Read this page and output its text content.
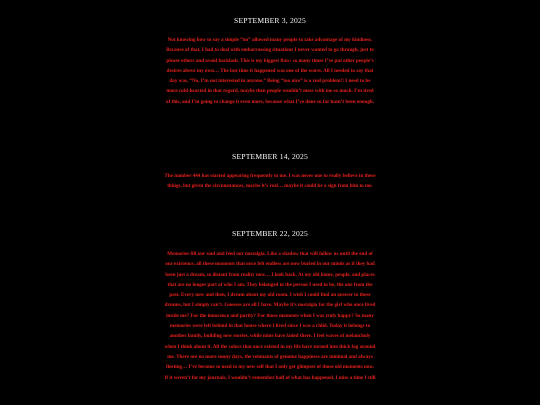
SEPTEMBER 3, 2025

Not knowing how to say a simple “no” allowed many people to take advantage of my kindness. Because of that, I had to deal with embarrassing situations I never wanted to go through, just to please others and avoid backlash. This is my biggest flaw: so many times I’ve put other people’s desires above my own… The last time it happened was one of the worst. All I needed to say that day was, “No, I’m not interested in anyone.” Being “too nice” is a real problem!! I need to be more cold-hearted in that regard, maybe then people wouldn’t mess with me so much. I’m tired of this, and I’m going to change it even more, because what I’ve done so far hasn’t been enough.

SEPTEMBER 14, 2025

The number 444 has started appearing frequently to me. I was never one to really believe in these things, but given the circumstances, maybe it’s real… maybe it could be a sign from him to me.

SEPTEMBER 22, 2025

Memories fill our soul and feed our nostalgia. Like a shadow that will follow us until the end of our existence, all these moments that once felt endless are now buried in our minds as if they had been just a dream, so distant from reality now… I look back. At my old home, people, and places that are no longer part of who I am. They belonged to the person I used to be, the one from the past. Every now and then, I dream about my old room. I wish I could find an answer to these dreams, but I simply can’t. Guesses are all I have. Maybe it’s nostalgia for the girl who once lived inside me? For the innocence and purity? For those moments when I was truly happy? So many memories were left behind in that house where I lived since I was a child. Today it belongs to another family, building new stories, while mine have faded there. I feel waves of melancholy when I think about it. All the colors that once existed in my life have turned into thick fog around me. There are no more sunny days, the remnants of genuine happiness are minimal and always fleeting… I’ve become so used to my new self that I only get glimpses of those old moments now. If it weren’t for my journals, I wouldn’t remember half of what has happened. I miss a time I still
